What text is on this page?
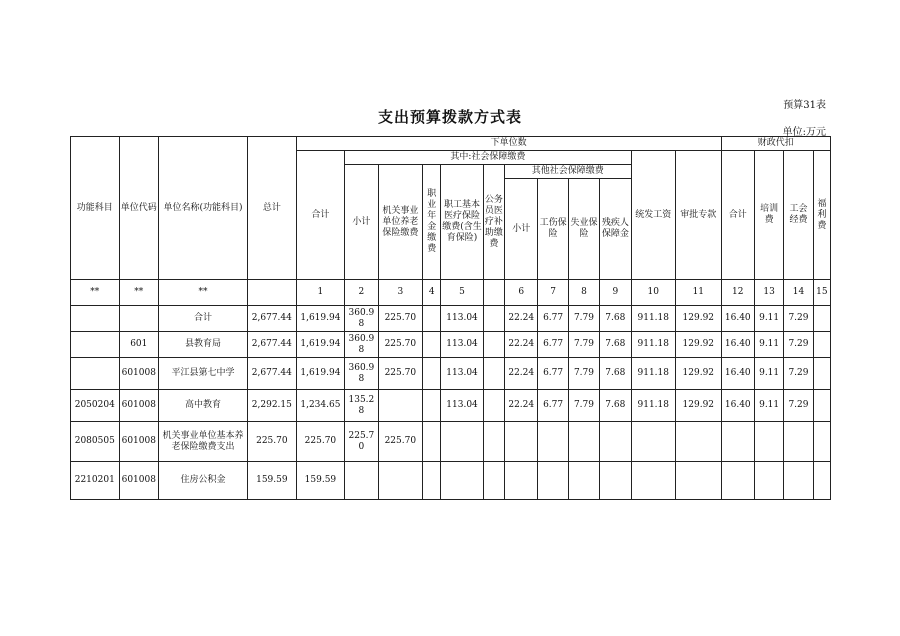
预算31表
支出预算拨款方式表
单位:万元
功能科目	单位代码	单位名称(功能科目)	总计	下单位数												财政代扣			
				合计	其中:社会保障缴费									统发工资	审批专款	合计	培训费	工会经费	福利费
					小计	机关事业单位养老保险缴费	职业年金缴费	职工基本医疗保险缴费(含生育保险)	公务员医疗补助缴费	其他社会保障缴费									
										小计	工伤保险	失业保险	残疾人保障金						
**	**	**		1	2	3	4	5		6	7	8	9	10	11	12	13	14	15
		合计	2,677.44	1,619.94	360.98	225.70		113.04		22.24	6.77	7.79	7.68	911.18	129.92	16.40	9.11	7.29	
	601	县教育局	2,677.44	1,619.94	360.98	225.70		113.04		22.24	6.77	7.79	7.68	911.18	129.92	16.40	9.11	7.29	
	601008	平江县第七中学	2,677.44	1,619.94	360.98	225.70		113.04		22.24	6.77	7.79	7.68	911.18	129.92	16.40	9.11	7.29	
2050204	601008	高中教育	2,292.15	1,234.65	135.28			113.04		22.24	6.77	7.79	7.68	911.18	129.92	16.40	9.11	7.29	
2080505	601008	机关事业单位基本养老保险缴费支出	225.70	225.70	225.70	225.70													
2210201	601008	住房公积金	159.59	159.59															
